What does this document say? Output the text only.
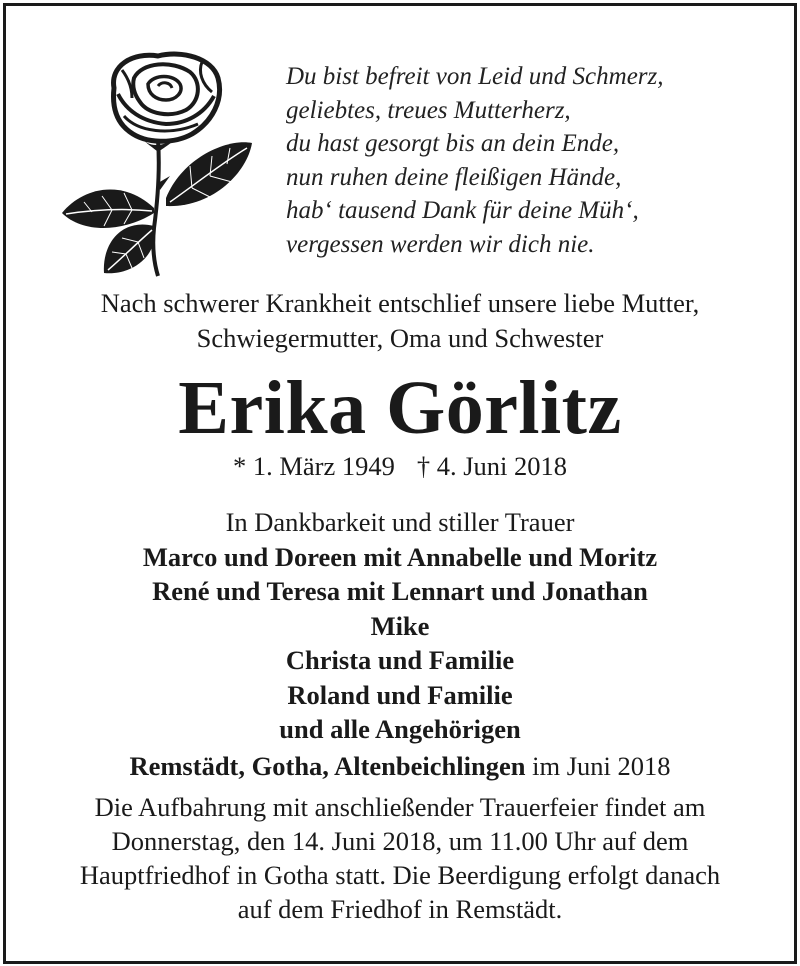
Du bist befreit von Leid und Schmerz,
geliebtes, treues Mutterherz,
du hast gesorgt bis an dein Ende,
nun ruhen deine fleißigen Hände,
hab‘ tausend Dank für deine Müh‘,
vergessen werden wir dich nie.
Nach schwerer Krankheit entschlief unsere liebe Mutter,
Schwiegermutter, Oma und Schwester
Erika Görlitz
* 1. März 1949 † 4. Juni 2018
In Dankbarkeit und stiller Trauer
Marco und Doreen mit Annabelle und Moritz
René und Teresa mit Lennart und Jonathan
Mike
Christa und Familie
Roland und Familie
und alle Angehörigen
Remstädt, Gotha, Altenbeichlingen im Juni 2018
Die Aufbahrung mit anschließender Trauerfeier findet am
Donnerstag, den 14. Juni 2018, um 11.00 Uhr auf dem
Hauptfriedhof in Gotha statt. Die Beerdigung erfolgt danach
auf dem Friedhof in Remstädt.
